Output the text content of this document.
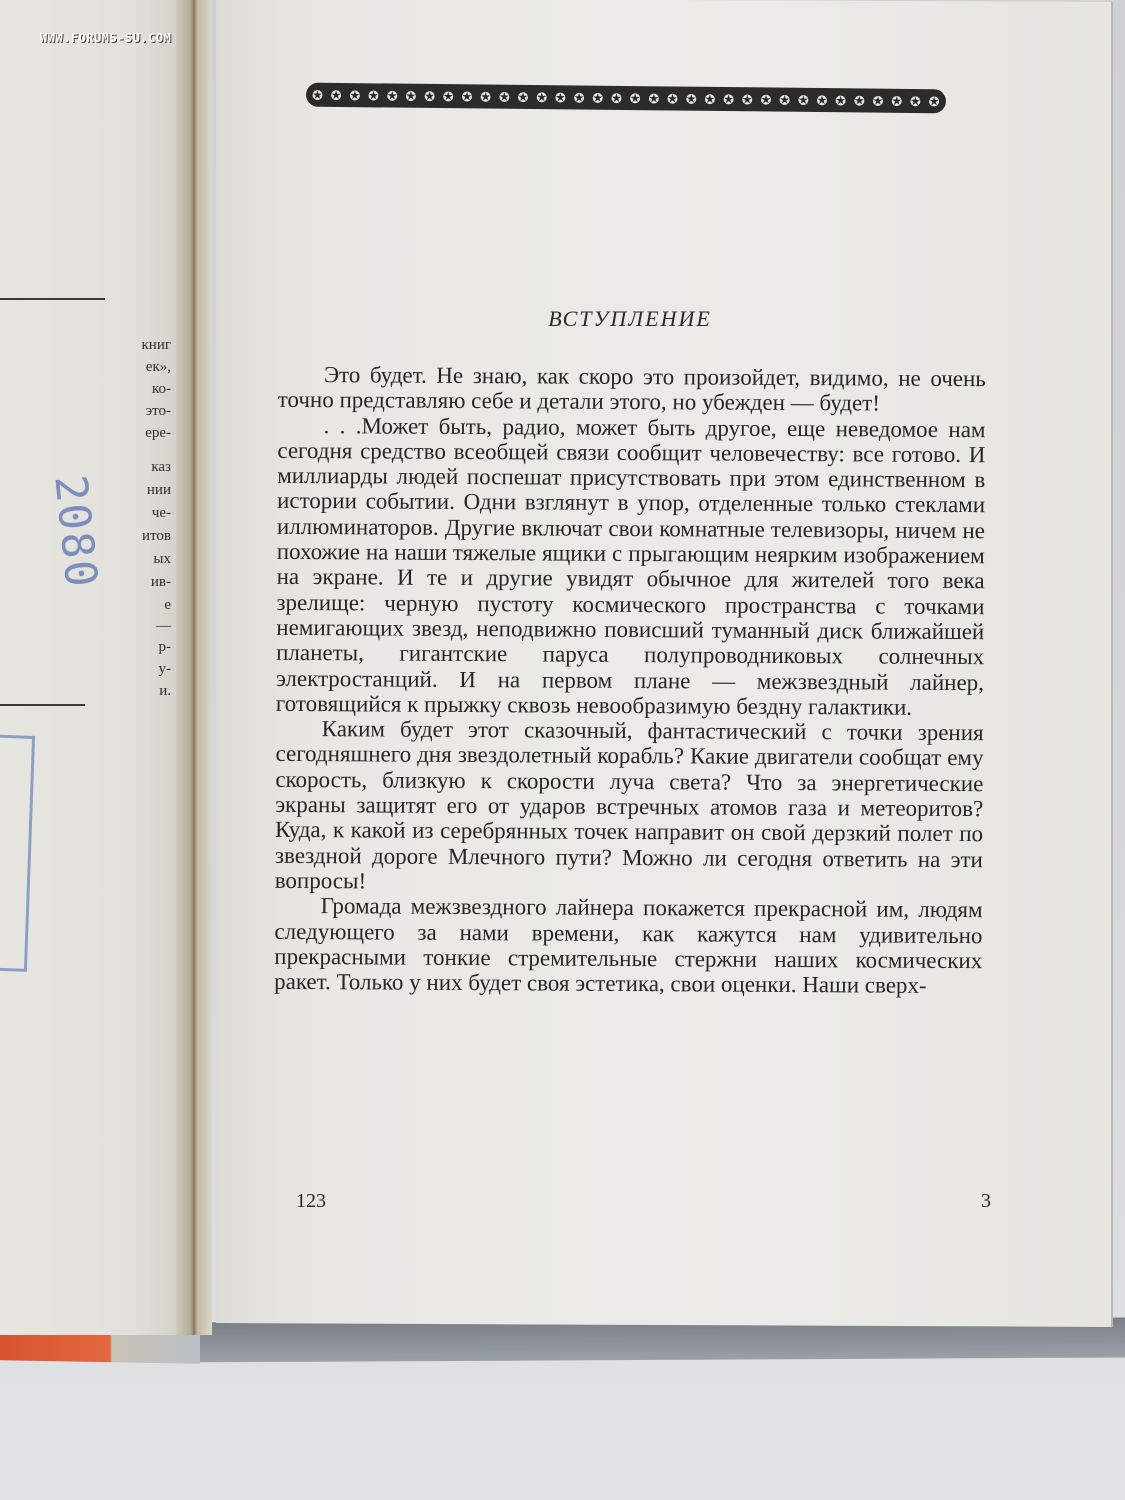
книг
ек»,
ко-
это-
ере-
каз
нии
че-
итов
ых
ив-
е
—
р-
у-
и.
2080
✪ ✪ ✪ ✪ ✪ ✪ ✪ ✪ ✪ ✪ ✪ ✪ ✪ ✪ ✪ ✪ ✪ ✪ ✪ ✪ ✪ ✪ ✪ ✪ ✪ ✪ ✪ ✪ ✪ ✪ ✪ ✪ ✪ ✪
ВСТУПЛЕНИЕ

Это будет. Не знаю, как скоро это произойдет, видимо, не очень точно представляю себе и детали этого, но убежден — будет!

. . .Может быть, радио, может быть другое, еще неведомое нам сегодня средство всеобщей связи сообщит человечеству: все готово. И миллиарды людей поспешат присутствовать при этом единственном в истории событии. Одни взглянут в упор, отделенные только стеклами иллюминаторов. Другие включат свои комнатные телевизоры, ничем не похожие на наши тяжелые ящики с прыгающим неярким изображением на экране. И те и другие увидят обычное для жителей того века зрелище: черную пустоту космического пространства с точками немигающих звезд, неподвижно повисший туманный диск ближайшей планеты, гигантские паруса полупроводниковых солнечных электростанций. И на первом плане — межзвездный лайнер, готовящийся к прыжку сквозь невообразимую бездну галактики.

Каким будет этот сказочный, фантастический с точки зрения сегодняшнего дня звездолетный корабль? Какие двигатели сообщат ему скорость, близкую к скорости луча света? Что за энергетические экраны защитят его от ударов встречных атомов газа и метеоритов? Куда, к какой из серебрянных точек направит он свой дерзкий полет по звездной дороге Млечного пути? Можно ли сегодня ответить на эти вопросы!

Громада межзвездного лайнера покажется прекрасной им, людям следующего за нами времени, как кажутся нам удивительно прекрасными тонкие стремительные стержни наших космических ракет. Только у них будет своя эстетика, свои оценки. Наши сверх-

123	3
WWW.FORUMS-SU.COM
